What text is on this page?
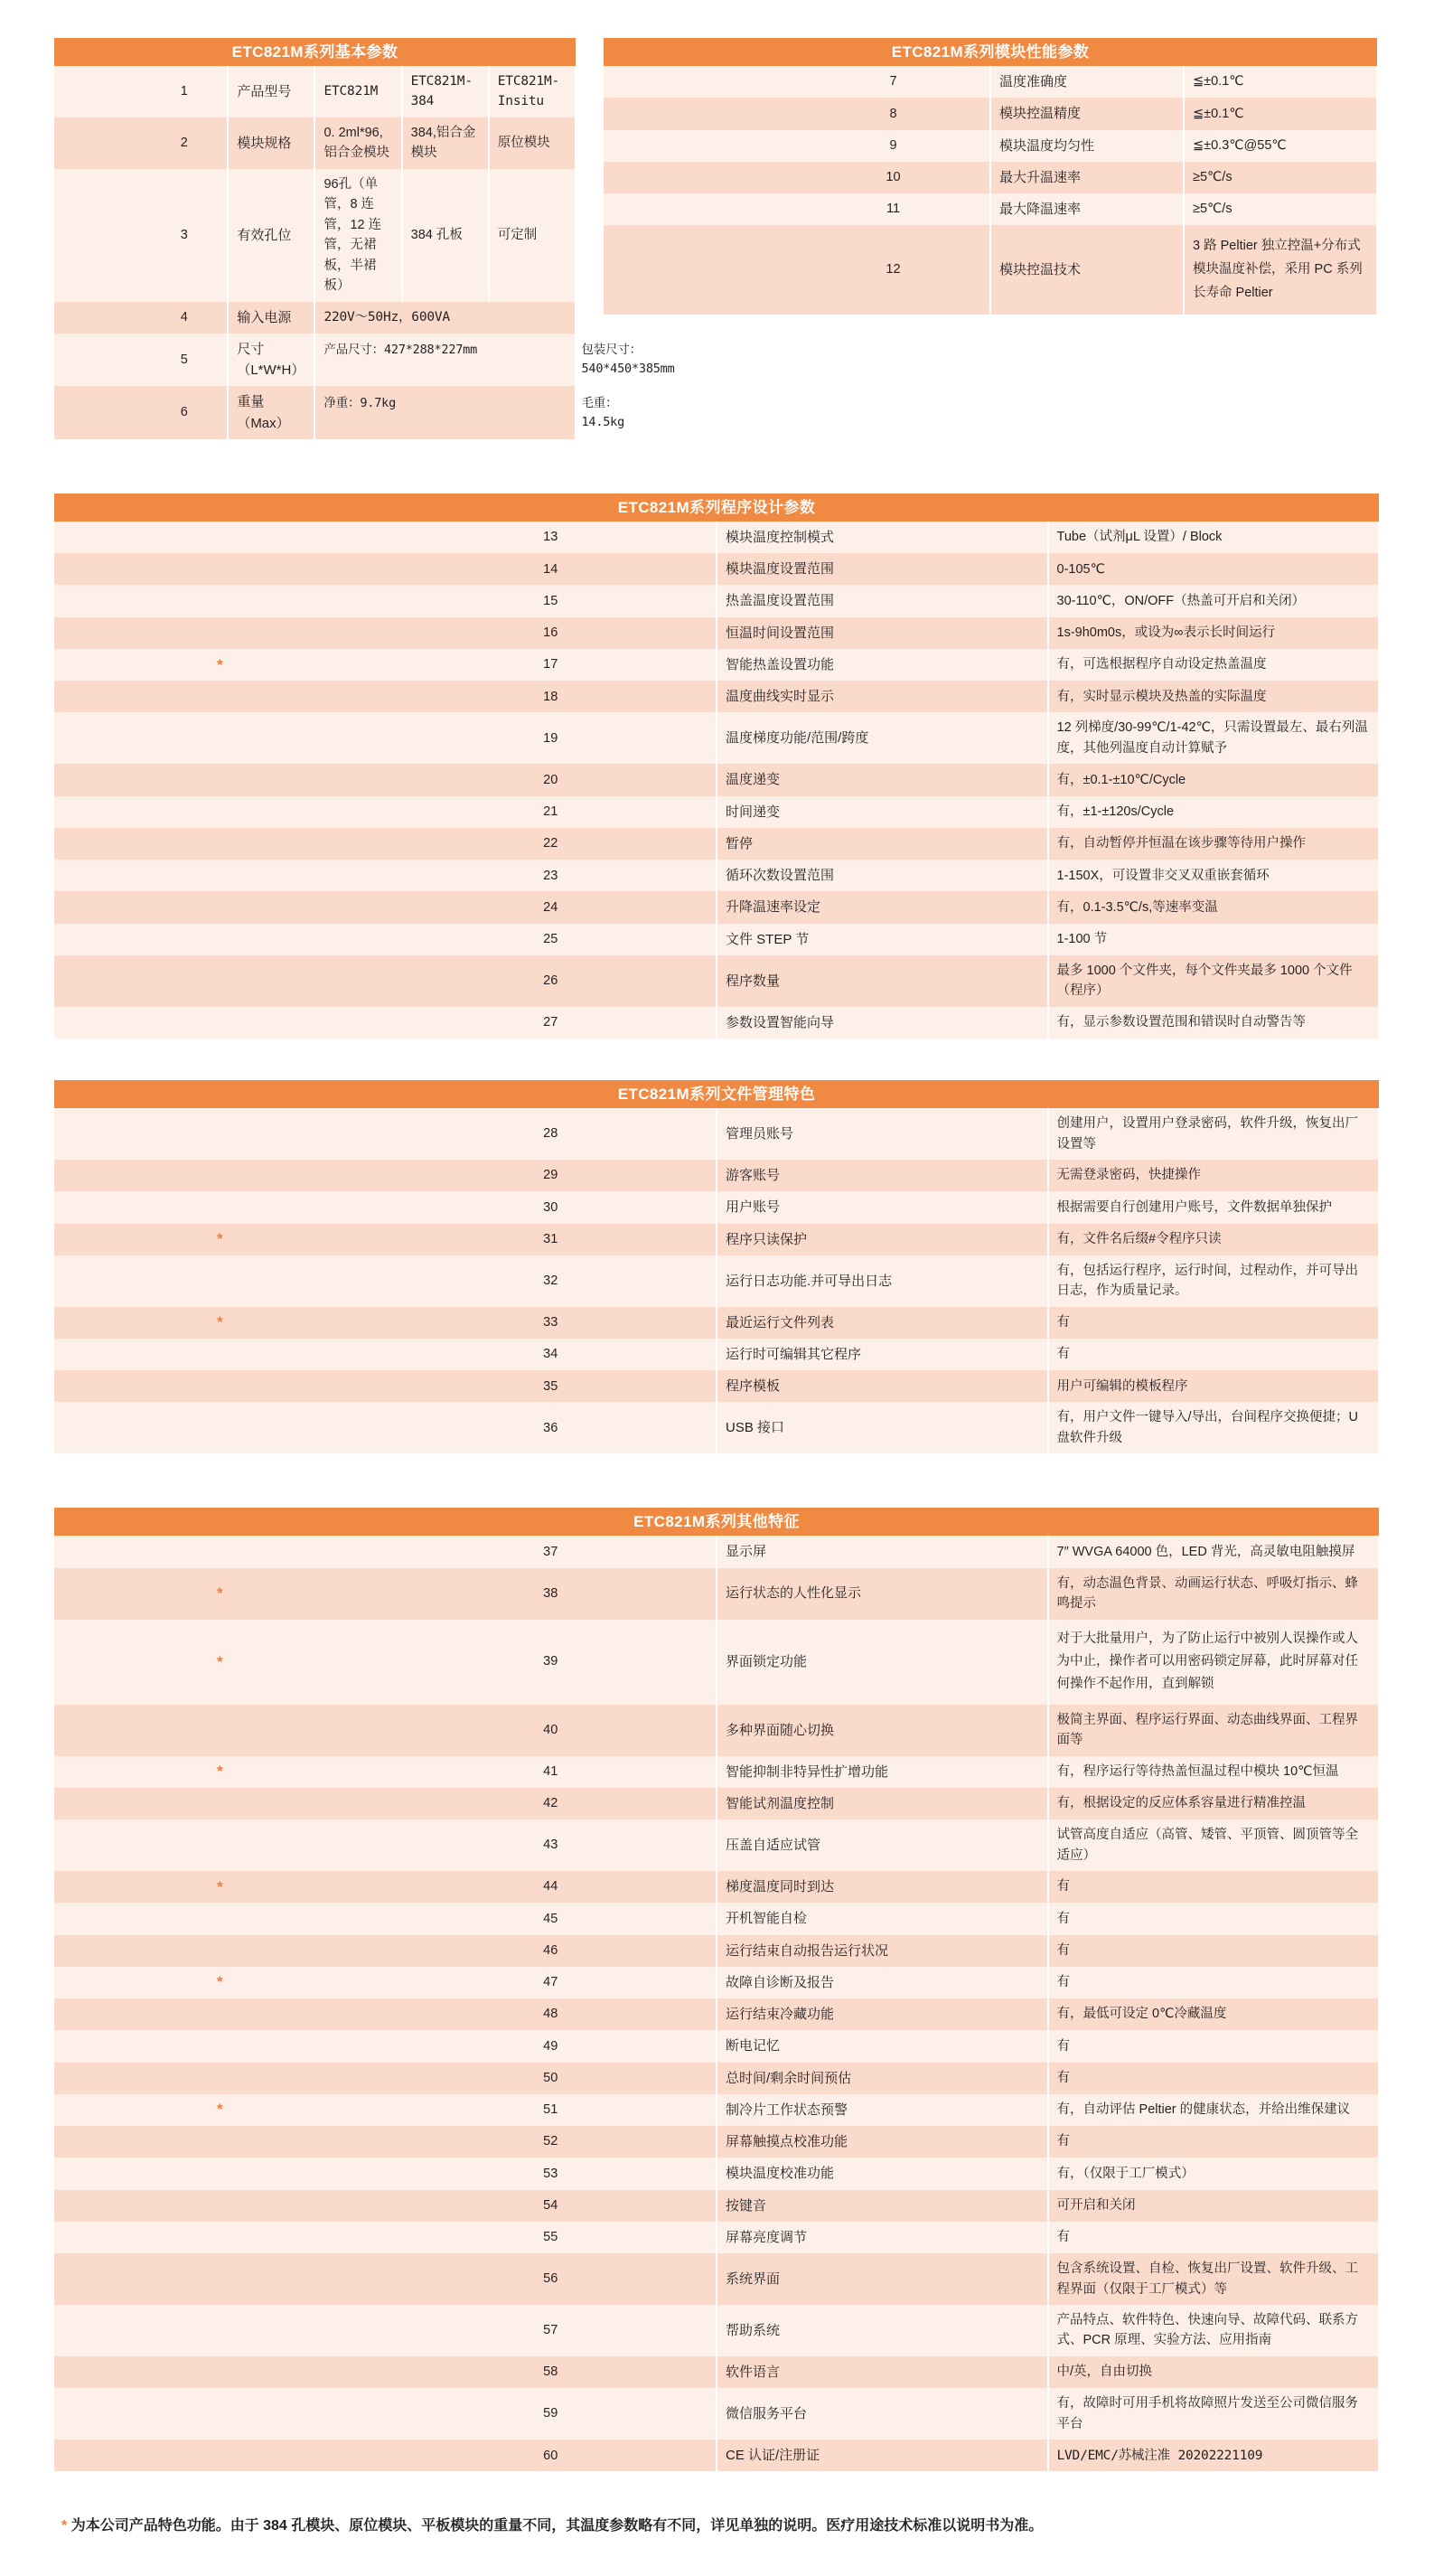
ETC821M系列基本参数					
	1	产品型号	ETC821M	ETC821M-384	ETC821M-Insitu
	2	模块规格	0. 2ml*96,铝合金模块	384,铝合金模块	原位模块
	3	有效孔位	96孔（单管，8 连管，12 连管，无裙板，半裙板）	384 孔板	可定制
	4	输入电源	220V～50Hz，600VA		
	5	尺寸（L*W*H）	产品尺寸：427*288*227mm 包装尺寸：540*450*385mm		

	6	重量（Max）	净重：9.7kg 毛重：14.5kg		
ETC821M系列模块性能参数			
	7	温度准确度	≦±0.1℃
	8	模块控温精度	≦±0.1℃
	9	模块温度均匀性	≦±0.3℃@55℃
	10	最大升温速率	≥5℃/s
	11	最大降温速率	≥5℃/s
	12	模块控温技术	3 路 Peltier 独立控温+分布式模块温度补偿，采用 PC 系列长寿命 Peltier
ETC821M系列程序设计参数			
	13	模块温度控制模式	Tube（试剂μL 设置）/ Block
	14	模块温度设置范围	0-105℃
	15	热盖温度设置范围	30-110℃，ON/OFF（热盖可开启和关闭）
	16	恒温时间设置范围	1s-9h0m0s，或设为∞表示长时间运行
*	17	智能热盖设置功能	有，可选根据程序自动设定热盖温度
	18	温度曲线实时显示	有，实时显示模块及热盖的实际温度
	19	温度梯度功能/范围/跨度	12 列梯度/30-99℃/1-42℃，只需设置最左、最右列温度，其他列温度自动计算赋予
	20	温度递变	有，±0.1-±10℃/Cycle
	21	时间递变	有，±1-±120s/Cycle
	22	暂停	有，自动暂停并恒温在该步骤等待用户操作
	23	循环次数设置范围	1-150X，可设置非交叉双重嵌套循环
	24	升降温速率设定	有，0.1-3.5℃/s,等速率变温
	25	文件 STEP 节	1-100 节
	26	程序数量	最多 1000 个文件夹，每个文件夹最多 1000 个文件（程序）
	27	参数设置智能向导	有，显示参数设置范围和错误时自动警告等
ETC821M系列文件管理特色			
	28	管理员账号	创建用户，设置用户登录密码，软件升级，恢复出厂设置等
	29	游客账号	无需登录密码，快捷操作
	30	用户账号	根据需要自行创建用户账号，文件数据单独保护
*	31	程序只读保护	有，文件名后缀#令程序只读
	32	运行日志功能.并可导出日志	有，包括运行程序，运行时间，过程动作，并可导出日志，作为质量记录。
*	33	最近运行文件列表	有
	34	运行时可编辑其它程序	有
	35	程序模板	用户可编辑的模板程序
	36	USB 接口	有，用户文件一键导入/导出，台间程序交换便捷；U 盘软件升级
ETC821M系列其他特征			
	37	显示屏	7″ WVGA 64000 色，LED 背光，高灵敏电阻触摸屏
*	38	运行状态的人性化显示	有，动态温色背景、动画运行状态、呼吸灯指示、蜂鸣提示
*	39	界面锁定功能	对于大批量用户，为了防止运行中被别人误操作或人为中止，操作者可以用密码锁定屏幕，此时屏幕对任何操作不起作用，直到解锁
	40	多种界面随心切换	极简主界面、程序运行界面、动态曲线界面、工程界面等
*	41	智能抑制非特异性扩增功能	有，程序运行等待热盖恒温过程中模块 10℃恒温
	42	智能试剂温度控制	有，根据设定的反应体系容量进行精准控温
	43	压盖自适应试管	试管高度自适应（高管、矮管、平顶管、圆顶管等全适应）
*	44	梯度温度同时到达	有
	45	开机智能自检	有
	46	运行结束自动报告运行状况	有
*	47	故障自诊断及报告	有
	48	运行结束冷藏功能	有，最低可设定 0℃冷藏温度
	49	断电记忆	有
	50	总时间/剩余时间预估	有
*	51	制冷片工作状态预警	有，自动评估 Peltier 的健康状态，并给出维保建议
	52	屏幕触摸点校准功能	有
	53	模块温度校准功能	有，（仅限于工厂模式）
	54	按键音	可开启和关闭
	55	屏幕亮度调节	有
	56	系统界面	包含系统设置、自检、恢复出厂设置、软件升级、工程界面（仅限于工厂模式）等
	57	帮助系统	产品特点、软件特色、快速向导、故障代码、联系方式、PCR 原理、实验方法、应用指南
	58	软件语言	中/英，自由切换
	59	微信服务平台	有，故障时可用手机将故障照片发送至公司微信服务平台
	60	CE 认证/注册证	LVD/EMC/苏械注准 20202221109
* 为本公司产品特色功能。由于 384 孔模块、原位模块、平板模块的重量不同，其温度参数略有不同，详见单独的说明。医疗用途技术标准以说明书为准。
